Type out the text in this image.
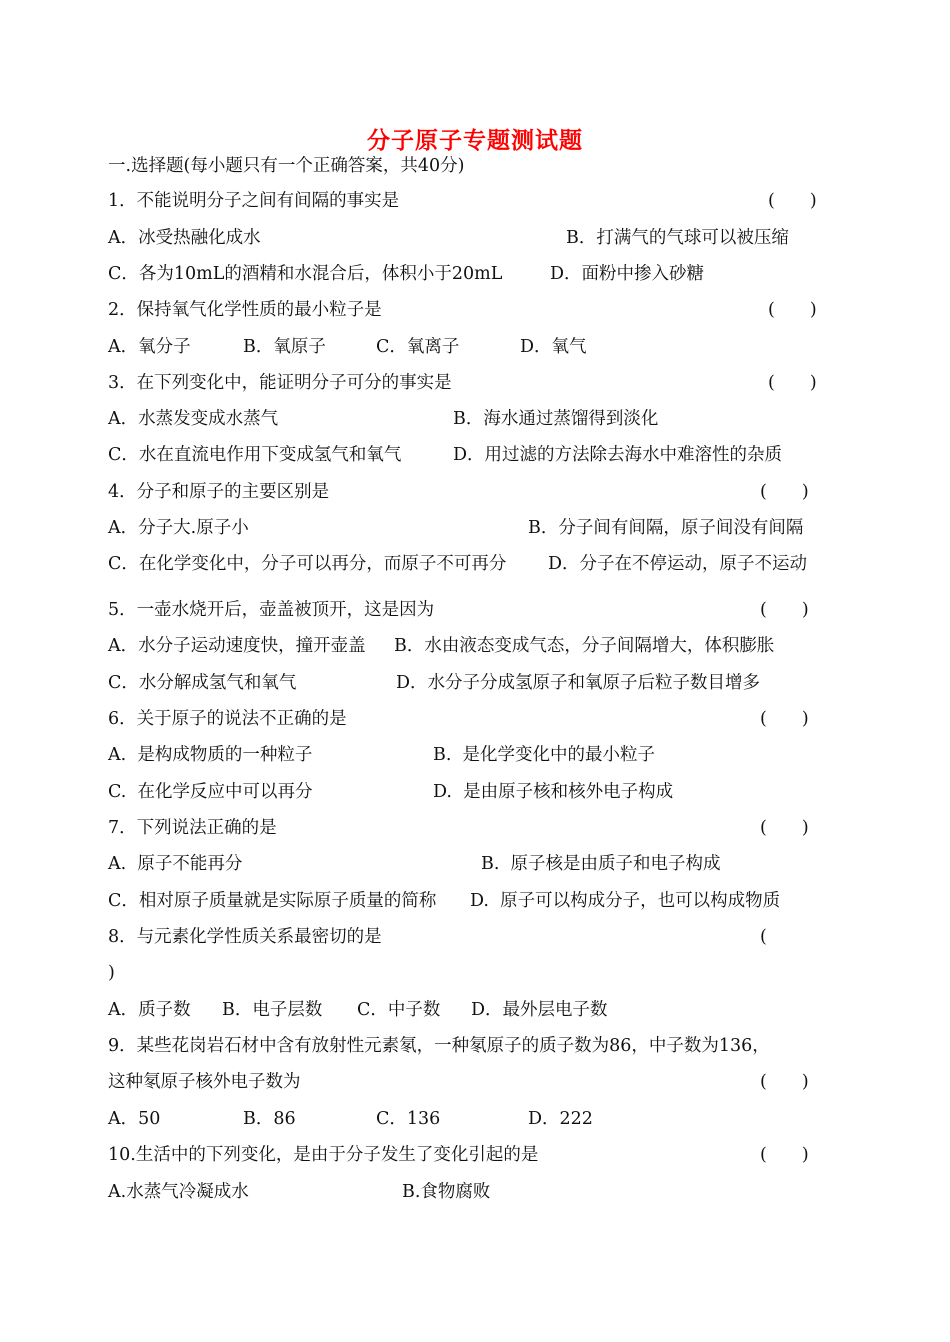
分子原子专题测试题
一.选择题(每小题只有一个正确答案，共40分)
1．不能说明分子之间有间隔的事实是	(　　)
A．冰受热融化成水	B．打满气的气球可以被压缩
C．各为10mL的酒精和水混合后，体积小于20mL	D．面粉中掺入砂糖
2．保持氧气化学性质的最小粒子是	(　　)
A．氧分子	B．氧原子	C．氧离子	D．氧气
3．在下列变化中，能证明分子可分的事实是	(　　)
A．水蒸发变成水蒸气	B．海水通过蒸馏得到淡化
C．水在直流电作用下变成氢气和氧气	D．用过滤的方法除去海水中难溶性的杂质
4．分子和原子的主要区别是	(　　)
A．分子大.原子小	B．分子间有间隔，原子间没有间隔
C．在化学变化中，分子可以再分，而原子不可再分 D．分子在不停运动，原子不运动
5．一壶水烧开后，壶盖被顶开，这是因为	(　　)
A．水分子运动速度快，撞开壶盖 B．水由液态变成气态，分子间隔增大，体积膨胀
C．水分解成氢气和氧气	D．水分子分成氢原子和氧原子后粒子数目增多
6．关于原子的说法不正确的是	(　　)
A.  是构成物质的一种粒子	B.  是化学变化中的最小粒子
C.  在化学反应中可以再分	D.  是由原子核和核外电子构成
7．下列说法正确的是	(　　)
A.  原子不能再分	B.  原子核是由质子和电子构成
C．相对原子质量就是实际原子质量的简称 D.  原子可以构成分子，也可以构成物质
8．与元素化学性质关系最密切的是	(
)
A．质子数 B．电子层数 C．中子数 D．最外层电子数
9．某些花岗岩石材中含有放射性元素氡，一种氡原子的质子数为86，中子数为136，
这种氡原子核外电子数为	(　　)
A．50	B．86	C．136	D．222
10.生活中的下列变化，是由于分子发生了变化引起的是	(　　)
A.水蒸气冷凝成水	B.食物腐败
